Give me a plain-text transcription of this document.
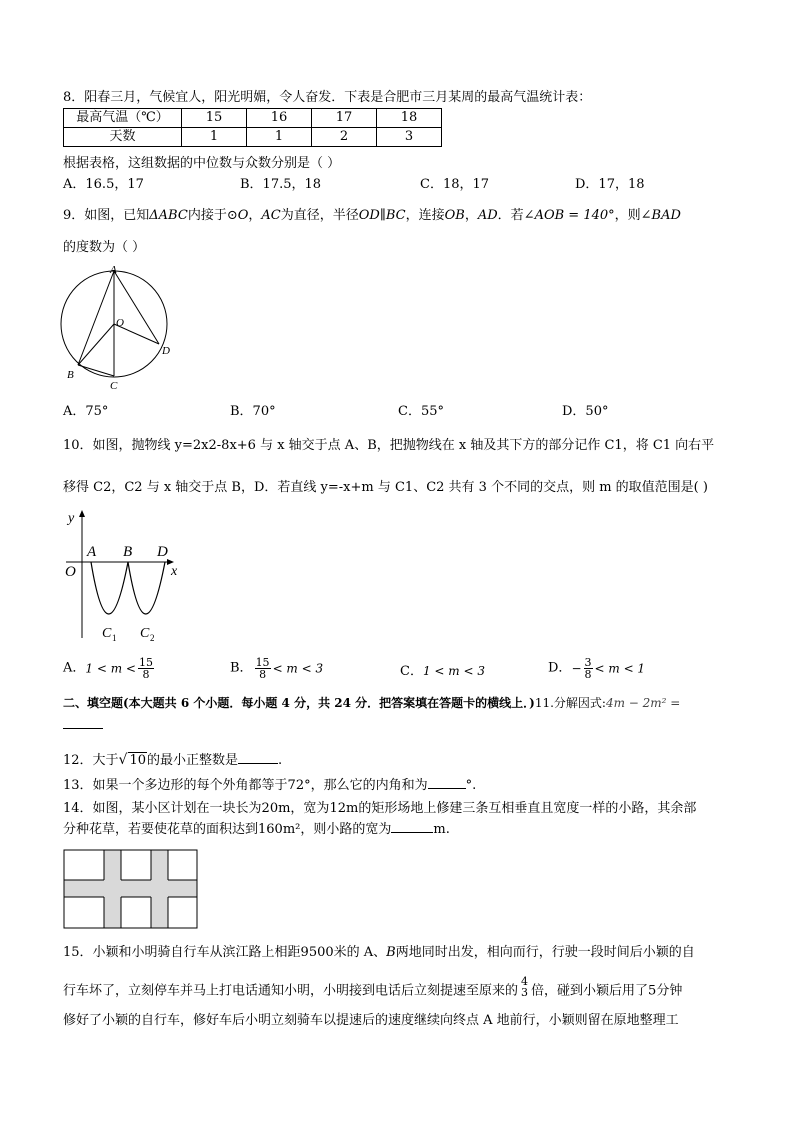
8．阳春三月，气候宜人，阳光明媚，令人奋发．下表是合肥市三月某周的最高气温统计表：
最高气温（℃）	15	16	17	18
天数	1	1	2	3
根据表格，这组数据的中位数与众数分别是（ ）
A．16.5，17	B．17.5，18	C．18，17	D．17，18
9．如图，已知ΔABC内接于⊙O，AC为直径，半径OD∥BC，连接OB，AD．若∠AOB = 140°，则∠BAD
的度数为（ ）
A
O
D
B
C
A．75°	B．70°	C．55°	D．50°
10．如图，抛物线 y=2x2-8x+6 与 x 轴交于点 A、B，把抛物线在 x 轴及其下方的部分记作 C1，将 C1 向右平
移得 C2，C2 与 x 轴交于点 B，D．若直线 y=-x+m 与 C1、C2 共有 3 个不同的交点，则 m 的取值范围是( )
y
x
O
A B D
C 1 C 2
A．$1 < m < \frac{15}{8}$	B． $\frac{15}{8} < m < 3$	C．1 < m < 3	D．− $\frac{3}{8} < m < 1$
二、填空题(本大题共 6 个小题．每小题 4 分，共 24 分．把答案填在答题卡的横线上．)11.分解因式:4m − 2m² =
12．大于√ 10的最小正整数是	.
13．如果一个多边形的每个外角都等于72°，那么它的内角和为	°.
14．如图，某小区计划在一块长为20m，宽为12m的矩形场地上修建三条互相垂直且宽度一样的小路，其余部
分种花草，若要使花草的面积达到160m²，则小路的宽为	m.
15．小颖和小明骑自行车从滨江路上相距9500米的 A、B两地同时出发，相向而行，行驶一段时间后小颖的自
行车坏了，立刻停车并马上打电话通知小明，小明接到电话后立刻提速至原来的
4
3 倍，碰到小颖后用了5分钟
修好了小颖的自行车，修好车后小明立刻骑车以提速后的速度继续向终点 A 地前行，小颖则留在原地整理工
